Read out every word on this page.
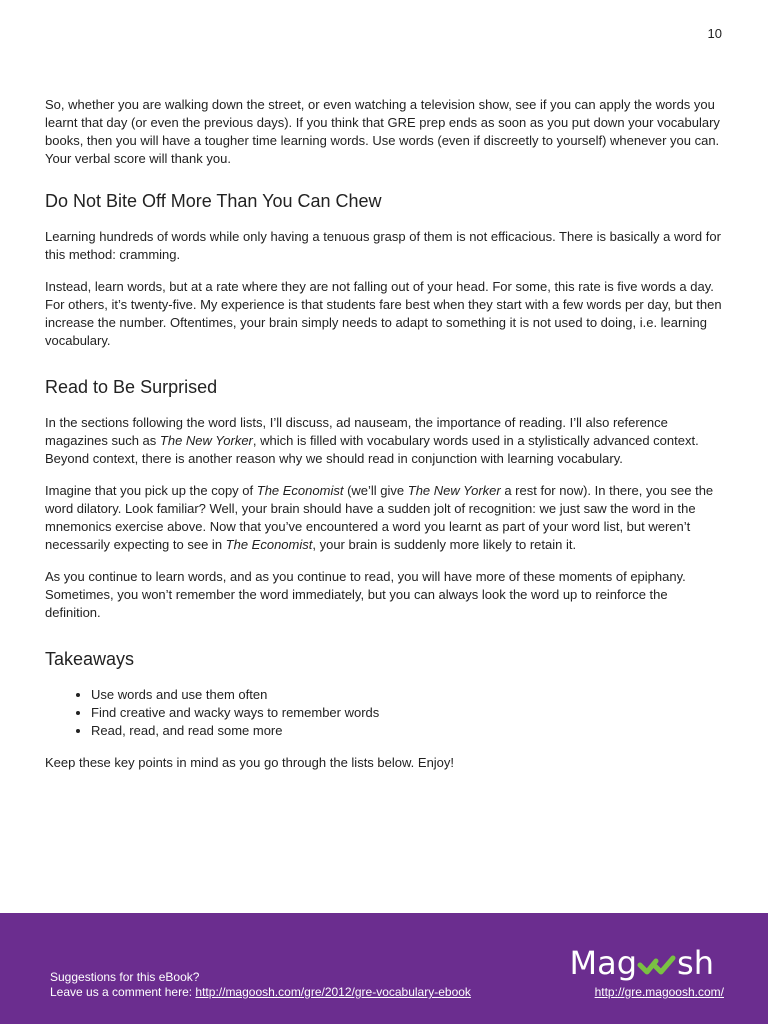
10

So, whether you are walking down the street, or even watching a television show, see if you can apply the words you learnt that day (or even the previous days). If you think that GRE prep ends as soon as you put down your vocabulary books, then you will have a tougher time learning words. Use words (even if discreetly to yourself) whenever you can. Your verbal score will thank you.

Do Not Bite Off More Than You Can Chew

Learning hundreds of words while only having a tenuous grasp of them is not efficacious. There is basically a word for this method: cramming.

Instead, learn words, but at a rate where they are not falling out of your head. For some, this rate is five words a day. For others, it’s twenty-five. My experience is that students fare best when they start with a few words per day, but then increase the number. Oftentimes, your brain simply needs to adapt to something it is not used to doing, i.e. learning vocabulary.

Read to Be Surprised

In the sections following the word lists, I’ll discuss, ad nauseam, the importance of reading. I’ll also reference magazines such as The New Yorker, which is filled with vocabulary words used in a stylistically advanced context. Beyond context, there is another reason why we should read in conjunction with learning vocabulary.

Imagine that you pick up the copy of The Economist (we’ll give The New Yorker a rest for now). In there, you see the word dilatory. Look familiar? Well, your brain should have a sudden jolt of recognition: we just saw the word in the mnemonics exercise above. Now that you’ve encountered a word you learnt as part of your word list, but weren’t necessarily expecting to see in The Economist, your brain is suddenly more likely to retain it.

As you continue to learn words, and as you continue to read, you will have more of these moments of epiphany. Sometimes, you won’t remember the word immediately, but you can always look the word up to reinforce the definition.

Takeaways
• Use words and use them often
• Find creative and wacky ways to remember words
• Read, read, and read some more

Keep these key points in mind as you go through the lists below. Enjoy!

Mag sh
Suggestions for this eBook?
Leave us a comment here: http://magoosh.com/gre/2012/gre-vocabulary-ebook	http://gre.magoosh.com/
